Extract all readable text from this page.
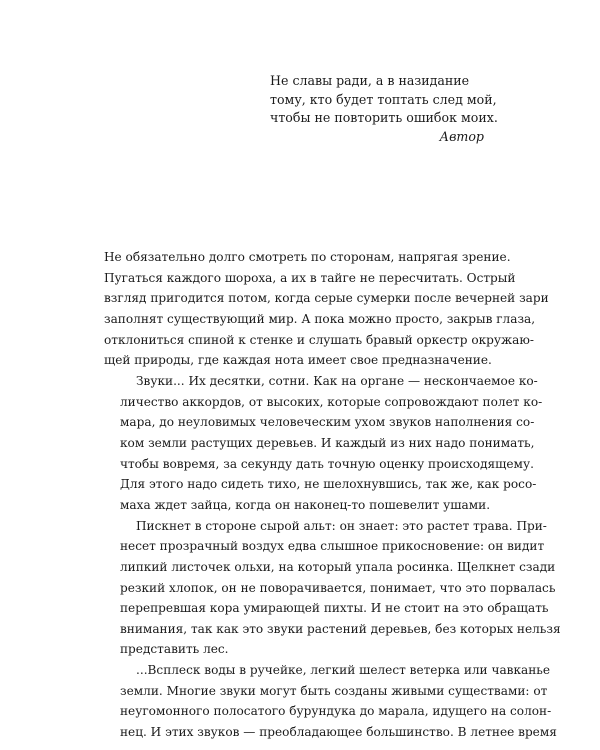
Не славы ради, а в назидание
тому, кто будет топтать след мой,
чтобы не повторить ошибок моих.
Автор

Не обязательно долго смотреть по сторонам, напрягая зрение.
Пугаться каждого шороха, а их в тайге не пересчитать. Острый
взгляд пригодится потом, когда серые сумерки после вечерней зари
заполнят существующий мир. А пока можно просто, закрыв глаза,
отклониться спиной к стенке и слушать бравый оркестр окружаю-
щей природы, где каждая нота имеет свое предназначение.

Звуки... Их десятки, сотни. Как на органе — нескончаемое ко-
личество аккордов, от высоких, которые сопровождают полет ко-
мара, до неуловимых человеческим ухом звуков наполнения со-
ком земли растущих деревьев. И каждый из них надо понимать,
чтобы вовремя, за секунду дать точную оценку происходящему.
Для этого надо сидеть тихо, не шелохнувшись, так же, как росо-
маха ждет зайца, когда он наконец-то пошевелит ушами.

Пискнет в стороне сырой альт: он знает: это растет трава. При-
несет прозрачный воздух едва слышное прикосновение: он видит
липкий листочек ольхи, на который упала росинка. Щелкнет сзади
резкий хлопок, он не поворачивается, понимает, что это порвалась
перепревшая кора умирающей пихты. И не стоит на это обращать
внимания, так как это звуки растений деревьев, без которых нельзя
представить лес.

...Всплеск воды в ручейке, легкий шелест ветерка или чавканье
земли. Многие звуки могут быть созданы живыми существами: от
неугомонного полосатого бурундука до марала, идущего на солон-
нец. И этих звуков — преобладающее большинство. В летнее время
